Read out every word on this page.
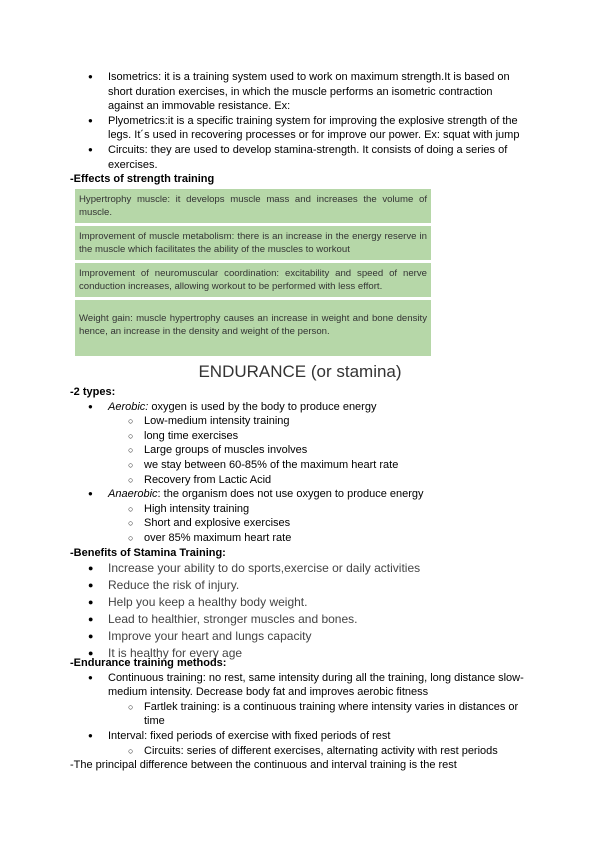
● Isometrics: it is a training system used to work on maximum strength.It is based on short duration exercises, in which the muscle performs an isometric contraction against an immovable resistance. Ex:
● Plyometrics:it is a specific training system for improving the explosive strength of the legs. It´s used in recovering processes or for improve our power. Ex: squat with jump
● Circuits: they are used to develop stamina-strength. It consists of doing a series of exercises.
-Effects of strength training
Hypertrophy muscle: it develops muscle mass and increases the volume of muscle.
Improvement of muscle metabolism: there is an increase in the energy reserve in the muscle which facilitates the ability of the muscles to workout
Improvement of neuromuscular coordination: excitability and speed of nerve conduction increases, allowing workout to be performed with less effort.
Weight gain: muscle hypertrophy causes an increase in weight and bone density hence, an increase in the density and weight of the person.
ENDURANCE (or stamina)
-2 types:
● Aerobic: oxygen is used by the body to produce energy
○ Low-medium intensity training
○ long time exercises
○ Large groups of muscles involves
○ we stay between 60-85% of the maximum heart rate
○ Recovery from Lactic Acid
● Anaerobic: the organism does not use oxygen to produce energy
○ High intensity training
○ Short and explosive exercises
○ over 85% maximum heart rate
-Benefits of Stamina Training:
● Increase your ability to do sports,exercise or daily activities
● Reduce the risk of injury.
● Help you keep a healthy body weight.
● Lead to healthier, stronger muscles and bones.
● Improve your heart and lungs capacity
● It is healthy for every age
-Endurance training methods:
● Continuous training: no rest, same intensity during all the training, long distance slow-medium intensity. Decrease body fat and improves aerobic fitness
○ Fartlek training: is a continuous training where intensity varies in distances or time
● Interval: fixed periods of exercise with fixed periods of rest
○ Circuits: series of different exercises, alternating activity with rest periods
-The principal difference between the continuous and interval training is the rest
